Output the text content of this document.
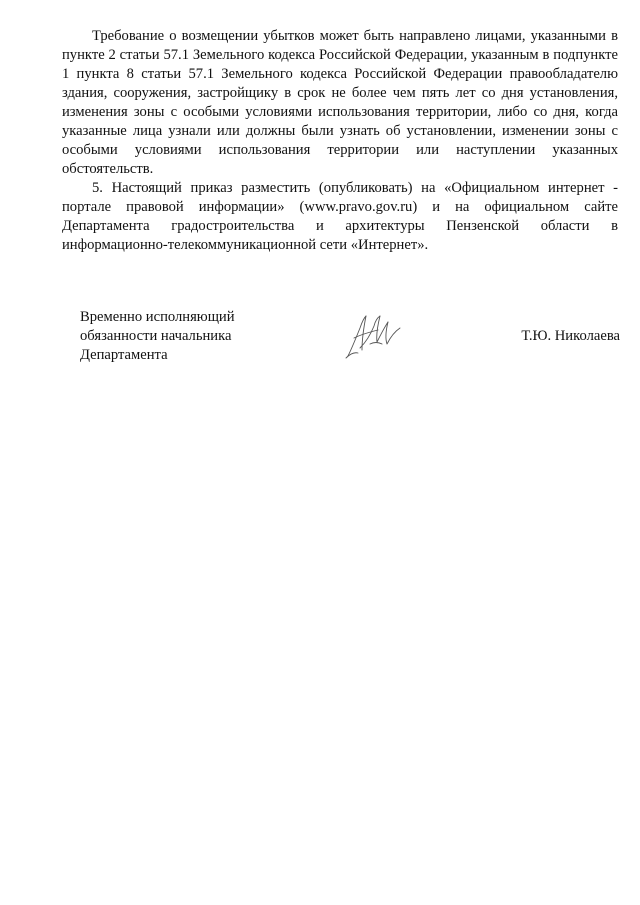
Требование о возмещении убытков может быть направлено лицами, указанными в пункте 2 статьи 57.1 Земельного кодекса Российской Федерации, указанным в подпункте 1 пункта 8 статьи 57.1 Земельного кодекса Российской Федерации правообладателю здания, сооружения, застройщику в срок не более чем пять лет со дня установления, изменения зоны с особыми условиями использования территории, либо со дня, когда указанные лица узнали или должны были узнать об установлении, изменении зоны с особыми условиями использования территории или наступлении указанных обстоятельств.

5. Настоящий приказ разместить (опубликовать) на «Официальном интернет - портале правовой информации» (www.pravo.gov.ru) и на официальном сайте Департамента градостроительства и архитектуры Пензенской области в информационно-телекоммуникационной сети «Интернет».

Временно исполняющий
обязанности начальника
Департамента
Т.Ю. Николаева
